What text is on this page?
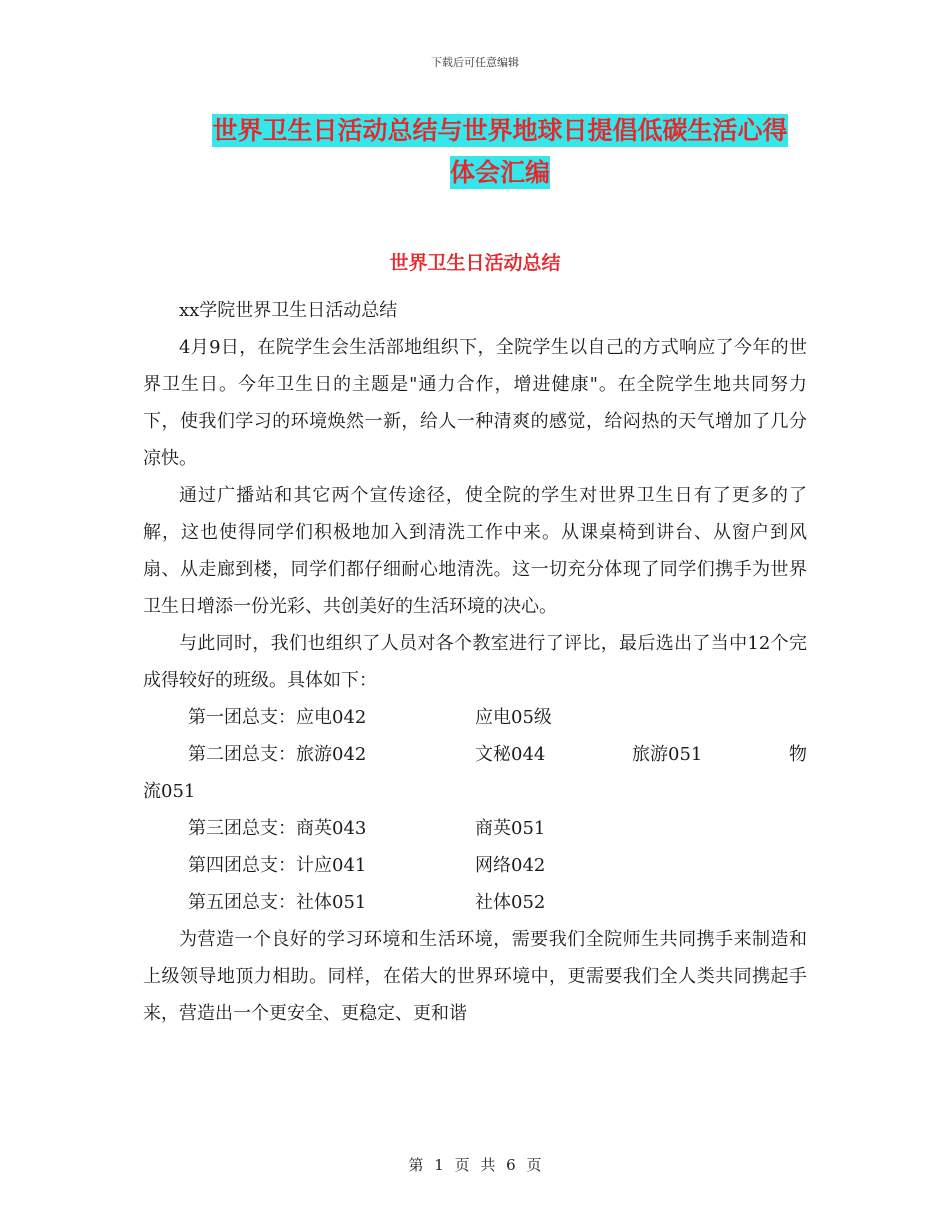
下载后可任意编辑
世界卫生日活动总结与世界地球日提倡低碳生活心得
体会汇编
世界卫生日活动总结

xx学院世界卫生日活动总结

4月9日，在院学生会生活部地组织下，全院学生以自己的方式响应了今年的世界卫生日。今年卫生日的主题是"通力合作，增进健康"。在全院学生地共同努力下，使我们学习的环境焕然一新，给人一种清爽的感觉，给闷热的天气增加了几分凉快。

通过广播站和其它两个宣传途径，使全院的学生对世界卫生日有了更多的了解，这也使得同学们积极地加入到清洗工作中来。从课桌椅到讲台、从窗户到风扇、从走廊到楼，同学们都仔细耐心地清洗。这一切充分体现了同学们携手为世界卫生日增添一份光彩、共创美好的生活环境的决心。

与此同时，我们也组织了人员对各个教室进行了评比，最后选出了当中12个完成得较好的班级。具体如下：

第一团总支：应电042	应电05级
第二团总支：旅游042	文秘044	旅游051	物
流051
第三团总支：商英043	商英051
第四团总支：计应041	网络042
第五团总支：社体051	社体052

为营造一个良好的学习环境和生活环境，需要我们全院师生共同携手来制造和上级领导地顶力相助。同样，在偌大的世界环境中，更需要我们全人类共同携起手来，营造出一个更安全、更稳定、更和谐

第 1 页 共 6 页
